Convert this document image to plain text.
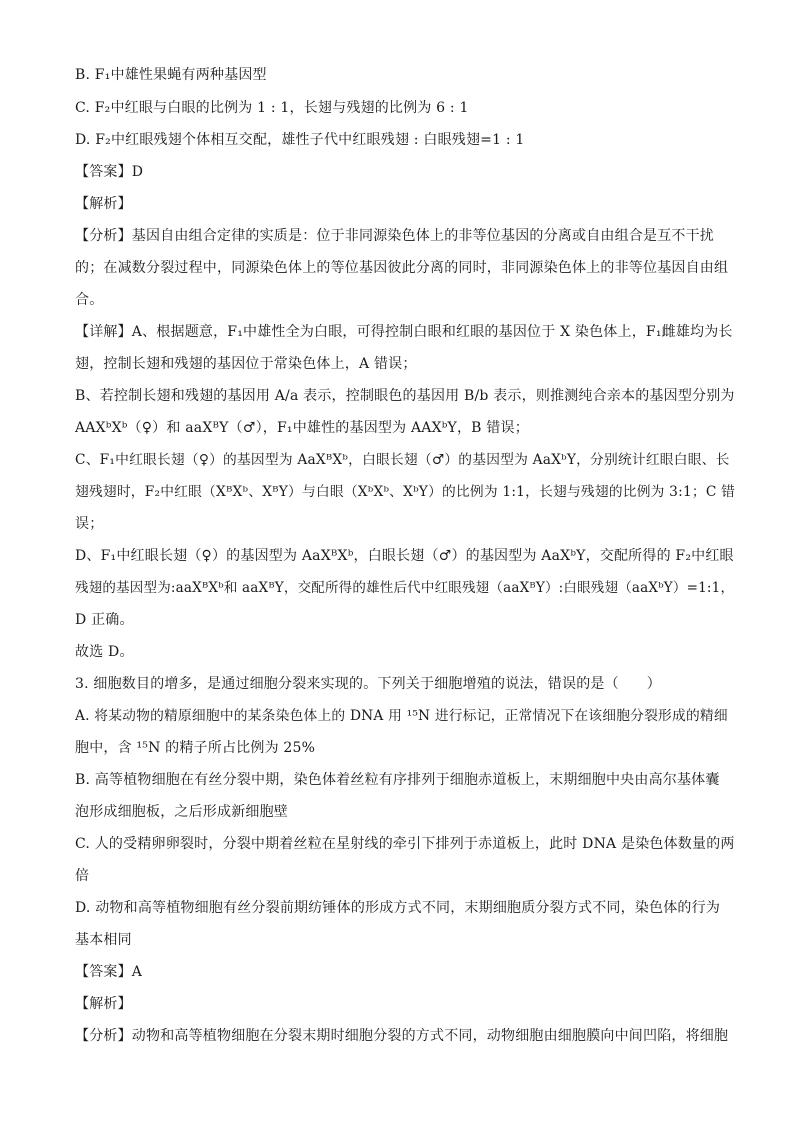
B. F₁中雄性果蝇有两种基因型
C. F₂中红眼与白眼的比例为 1 : 1，长翅与残翅的比例为 6 : 1
D. F₂中红眼残翅个体相互交配，雄性子代中红眼残翅 : 白眼残翅=1 : 1
【答案】D
【解析】
【分析】基因自由组合定律的实质是：位于非同源染色体上的非等位基因的分离或自由组合是互不干扰
的；在减数分裂过程中，同源染色体上的等位基因彼此分离的同时，非同源染色体上的非等位基因自由组
合。
【详解】A、根据题意，F₁中雄性全为白眼，可得控制白眼和红眼的基因位于 X 染色体上，F₁雌雄均为长
翅，控制长翅和残翅的基因位于常染色体上，A 错误；
B、若控制长翅和残翅的基因用 A/a 表示，控制眼色的基因用 B/b 表示，则推测纯合亲本的基因型分别为
AAXᵇXᵇ（♀）和 aaXᴮY（♂），F₁中雄性的基因型为 AAXᵇY，B 错误；
C、F₁中红眼长翅（♀）的基因型为 AaXᴮXᵇ，白眼长翅（♂）的基因型为 AaXᵇY，分别统计红眼白眼、长
翅残翅时，F₂中红眼（XᴮXᵇ、XᴮY）与白眼（XᵇXᵇ、XᵇY）的比例为 1:1，长翅与残翅的比例为 3:1；C 错
误；
D、F₁中红眼长翅（♀）的基因型为 AaXᴮXᵇ，白眼长翅（♂）的基因型为 AaXᵇY，交配所得的 F₂中红眼
残翅的基因型为:aaXᴮXᵇ和 aaXᴮY，交配所得的雄性后代中红眼残翅（aaXᴮY）:白眼残翅（aaXᵇY）=1:1，
D 正确。
故选 D。
3. 细胞数目的增多，是通过细胞分裂来实现的。下列关于细胞增殖的说法，错误的是（      ）
A. 将某动物的精原细胞中的某条染色体上的 DNA 用 ¹⁵N 进行标记，正常情况下在该细胞分裂形成的精细
胞中，含 ¹⁵N 的精子所占比例为 25%
B. 高等植物细胞在有丝分裂中期，染色体着丝粒有序排列于细胞赤道板上，末期细胞中央由高尔基体囊
泡形成细胞板，之后形成新细胞壁
C. 人的受精卵卵裂时，分裂中期着丝粒在星射线的牵引下排列于赤道板上，此时 DNA 是染色体数量的两
倍
D. 动物和高等植物细胞有丝分裂前期纺锤体的形成方式不同，末期细胞质分裂方式不同，染色体的行为
基本相同
【答案】A
【解析】
【分析】动物和高等植物细胞在分裂末期时细胞分裂的方式不同，动物细胞由细胞膜向中间凹陷，将细胞
